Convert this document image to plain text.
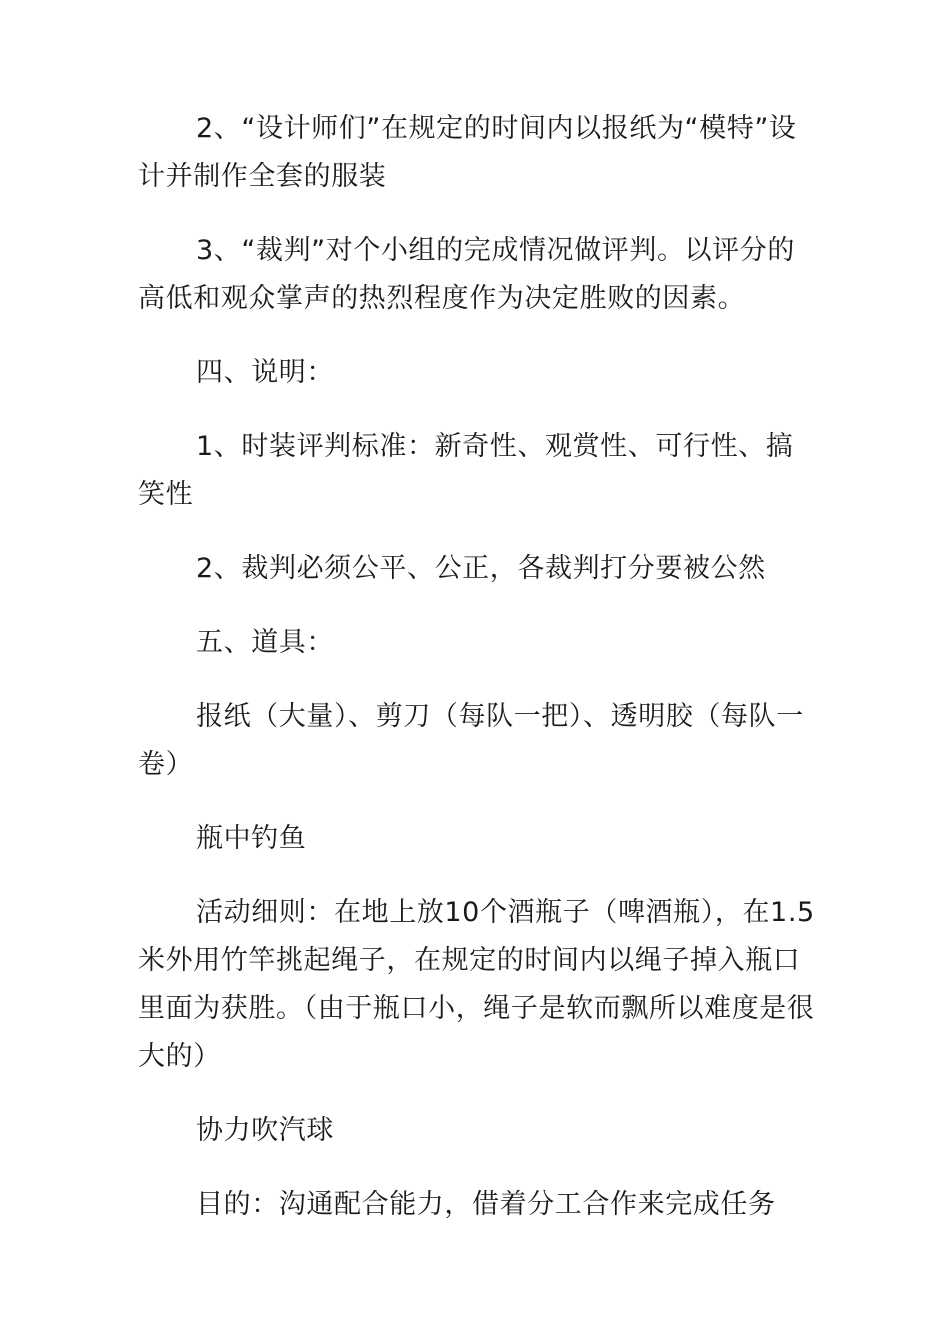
2、“设计师们”在规定的时间内以报纸为“模特”设计并制作全套的服装

3、“裁判”对个小组的完成情况做评判。以评分的高低和观众掌声的热烈程度作为决定胜败的因素。

四、说明：

1、时装评判标准：新奇性、观赏性、可行性、搞笑性

2、裁判必须公平、公正，各裁判打分要被公然

五、道具：

报纸（大量）、剪刀（每队一把）、透明胶（每队一卷）

瓶中钓鱼

活动细则：在地上放10个酒瓶子（啤酒瓶），在1.5米外用竹竿挑起绳子，在规定的时间内以绳子掉入瓶口里面为获胜。（由于瓶口小，绳子是软而飘所以难度是很大的）

协力吹汽球

目的：沟通配合能力，借着分工合作来完成任务
